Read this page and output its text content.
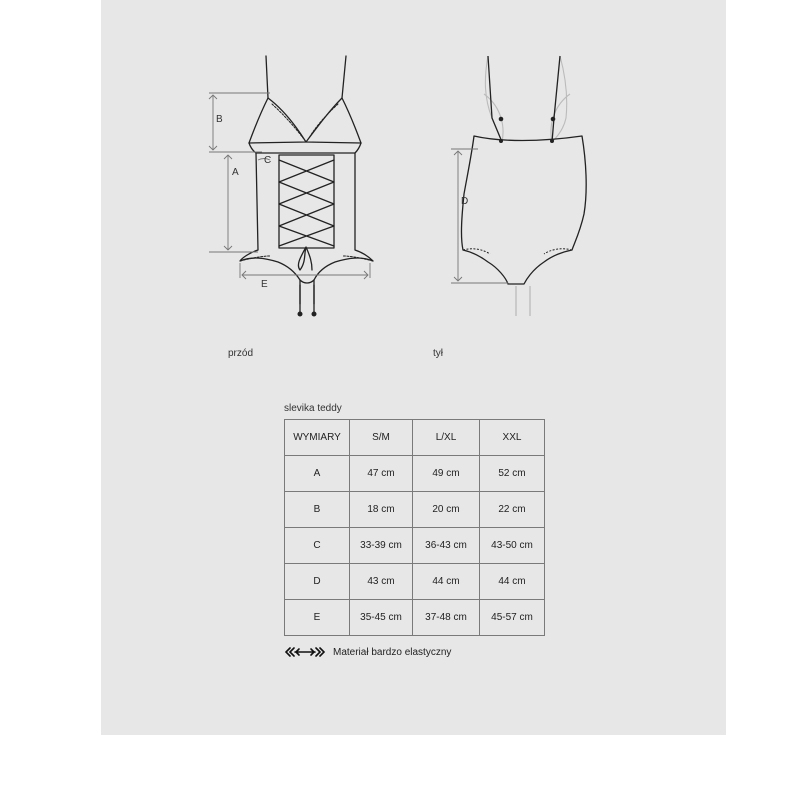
B
A
C
E
D
przód	tył
slevika teddy
WYMIARY	S/M	L/XL	XXL
A	47 cm	49 cm	52 cm
B	18 cm	20 cm	22 cm
C	33-39 cm	36-43 cm	43-50 cm
D	43 cm	44 cm	44 cm
E	35-45 cm	37-48 cm	45-57 cm
Materiał bardzo elastyczny
